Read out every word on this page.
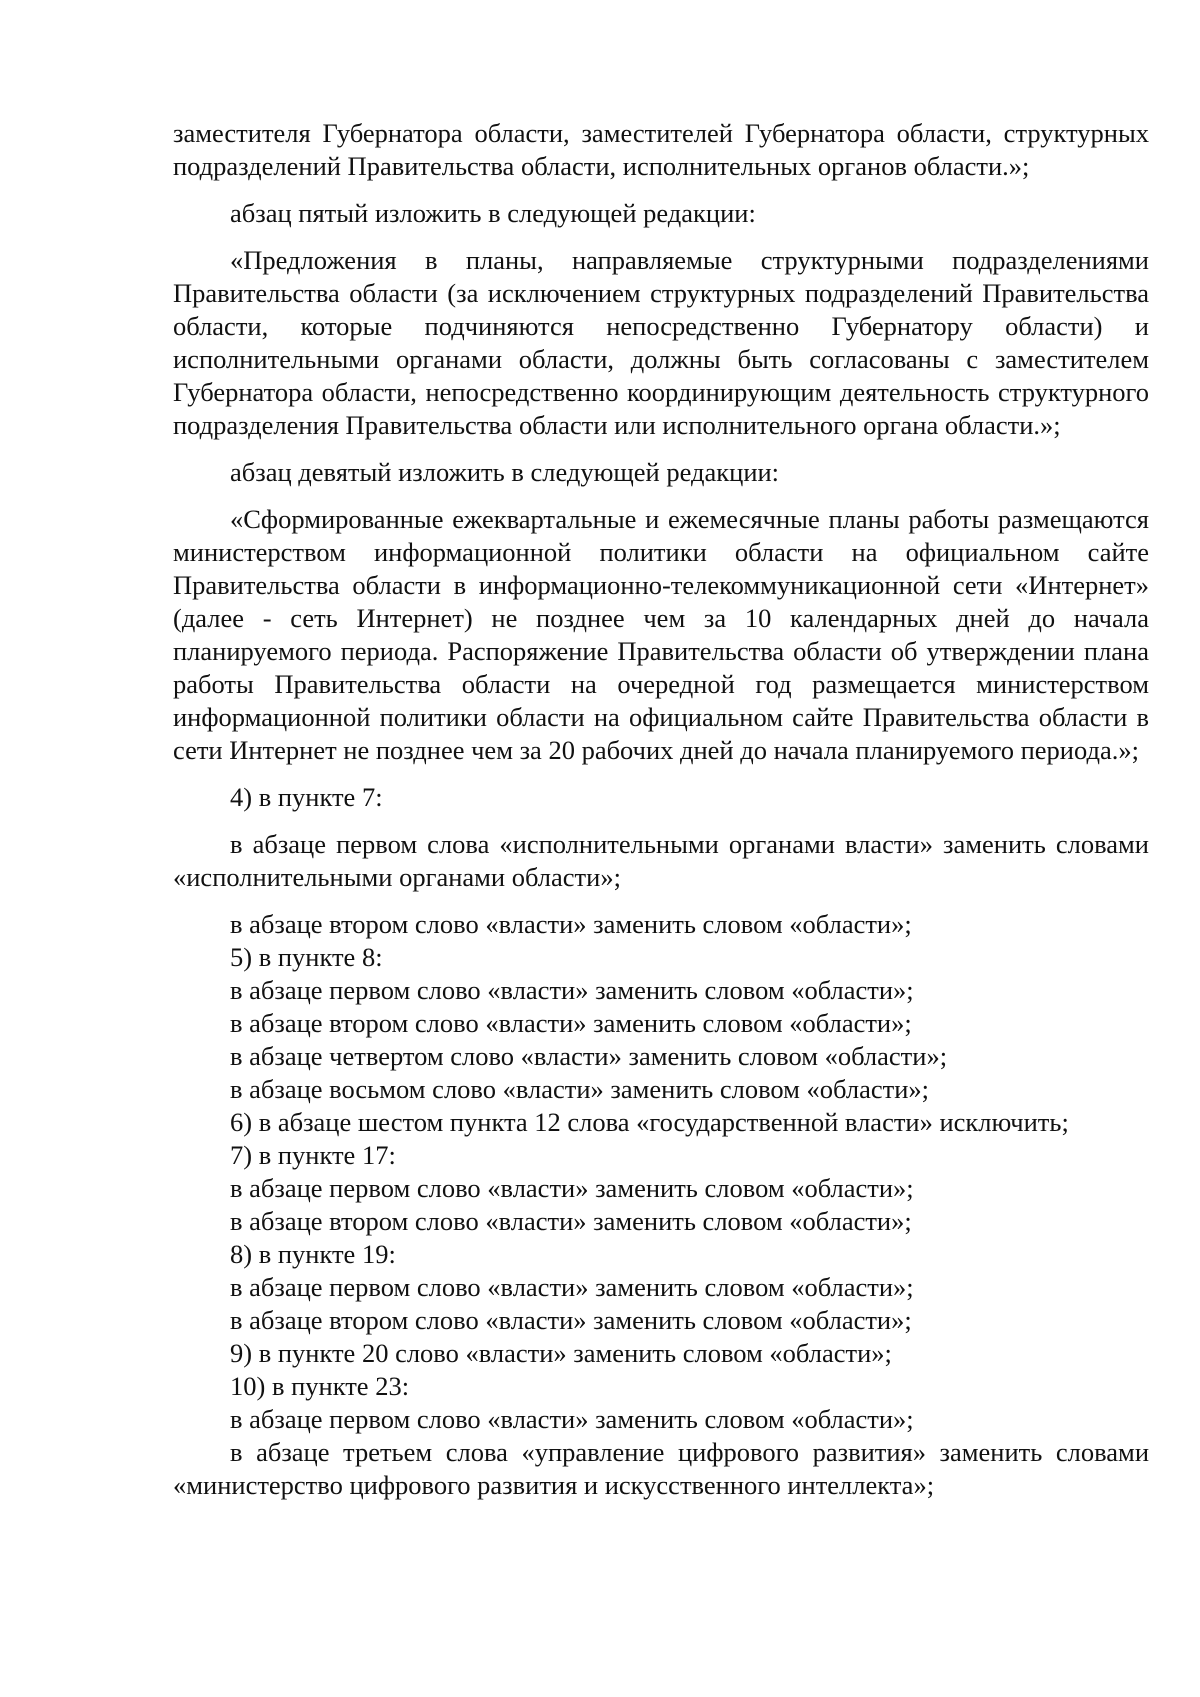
заместителя Губернатора области, заместителей Губернатора области, структурных подразделений Правительства области, исполнительных органов области.»;

абзац пятый изложить в следующей редакции:

«Предложения в планы, направляемые структурными подразделениями Правительства области (за исключением структурных подразделений Правительства области, которые подчиняются непосредственно Губернатору области) и исполнительными органами области, должны быть согласованы с заместителем Губернатора области, непосредственно координирующим деятельность структурного подразделения Правительства области или исполнительного органа области.»;

абзац девятый изложить в следующей редакции:

«Сформированные ежеквартальные и ежемесячные планы работы размещаются министерством информационной политики области на официальном сайте Правительства области в информационно-телекоммуникационной сети «Интернет» (далее - сеть Интернет) не позднее чем за 10 календарных дней до начала планируемого периода. Распоряжение Правительства области об утверждении плана работы Правительства области на очередной год размещается министерством информационной политики области на официальном сайте Правительства области в сети Интернет не позднее чем за 20 рабочих дней до начала планируемого периода.»;

4) в пункте 7:

в абзаце первом слова «исполнительными органами власти» заменить словами «исполнительными органами области»;

в абзаце втором слово «власти» заменить словом «области»;

5) в пункте 8:

в абзаце первом слово «власти» заменить словом «области»;

в абзаце втором слово «власти» заменить словом «области»;

в абзаце четвертом слово «власти» заменить словом «области»;

в абзаце восьмом слово «власти» заменить словом «области»;

6) в абзаце шестом пункта 12 слова «государственной власти» исключить;

7) в пункте 17:

в абзаце первом слово «власти» заменить словом «области»;

в абзаце втором слово «власти» заменить словом «области»;

8) в пункте 19:

в абзаце первом слово «власти» заменить словом «области»;

в абзаце втором слово «власти» заменить словом «области»;

9) в пункте 20 слово «власти» заменить словом «области»;

10) в пункте 23:

в абзаце первом слово «власти» заменить словом «области»;

в абзаце третьем слова «управление цифрового развития» заменить словами «министерство цифрового развития и искусственного интеллекта»;
